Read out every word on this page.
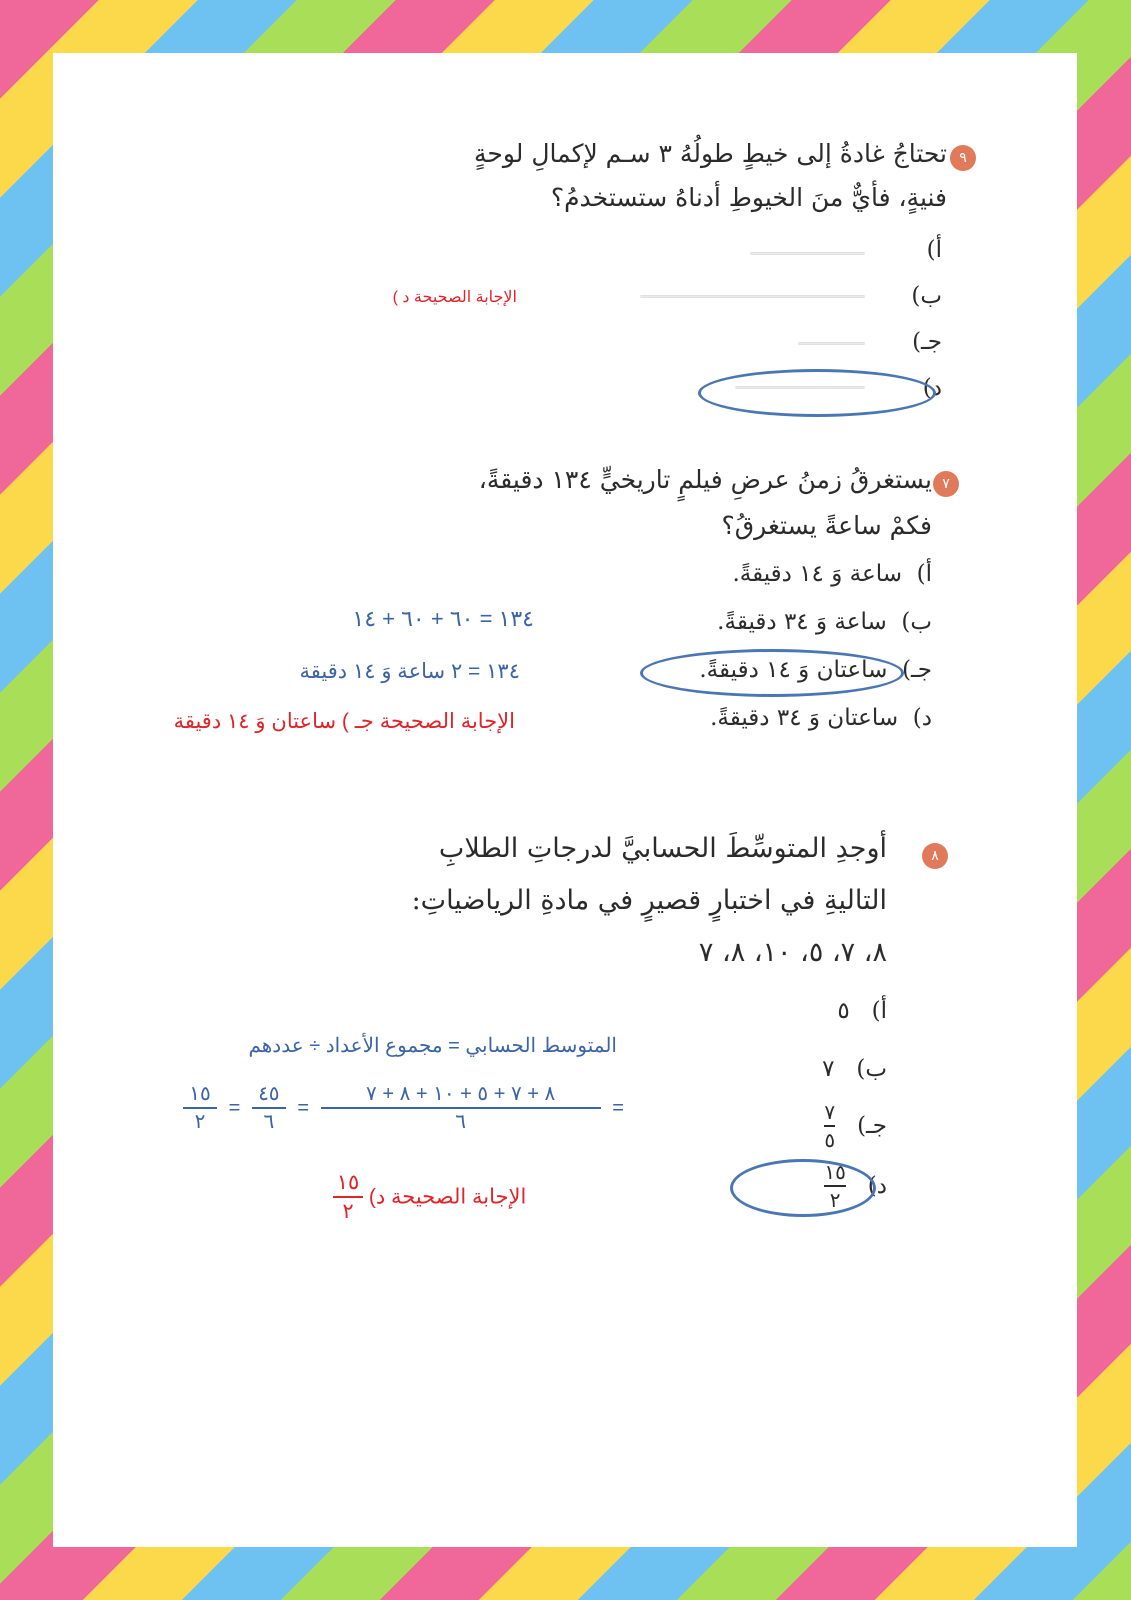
٩
تحتاجُ غادةُ إلى خيطٍ طولُهُ ٣ سـم لإكمالِ لوحةٍ
فنيةٍ، فأيٌّ منَ الخيوطِ أدناهُ ستستخدمُ؟
أ)
ب)
جـ)
د)
الإجابة الصحيحة د )
٧
يستغرقُ زمنُ عرضِ فيلمٍ تاريخيٍّ ١٣٤ دقيقةً،
فكمْ ساعةً يستغرقُ؟
أ)  ساعة وَ ١٤ دقيقةً.
ب)  ساعة وَ ٣٤ دقيقةً.
جـ)  ساعتان وَ ١٤ دقيقةً.
د)  ساعتان وَ ٣٤ دقيقةً.
١٣٤ = ٦٠ + ٦٠ + ١٤
١٣٤ = ٢ ساعة وَ ١٤ دقيقة
الإجابة الصحيحة جـ ) ساعتان وَ ١٤ دقيقة
٨
أوجدِ المتوسِّطَ الحسابيَّ لدرجاتِ الطلابِ
التاليةِ في اختبارٍ قصيرٍ في مادةِ الرياضياتِ:
٨، ٧، ٥، ١٠، ٨، ٧
أ)   ٥
ب)   ٧
جـ)
$\frac{٧}{٥}$
د)
$\frac{١٥}{٢}$
المتوسط الحسابي = مجموع الأعداد ÷ عددهم
$\frac{١٥}{٢} = \frac{٤٥}{٦} = \frac{٨ + ٧ + ٥ + ١٠ + ٨ + ٧}{٦}$ =
$\frac{١٥}{٢}$ الإجابة الصحيحة د)
